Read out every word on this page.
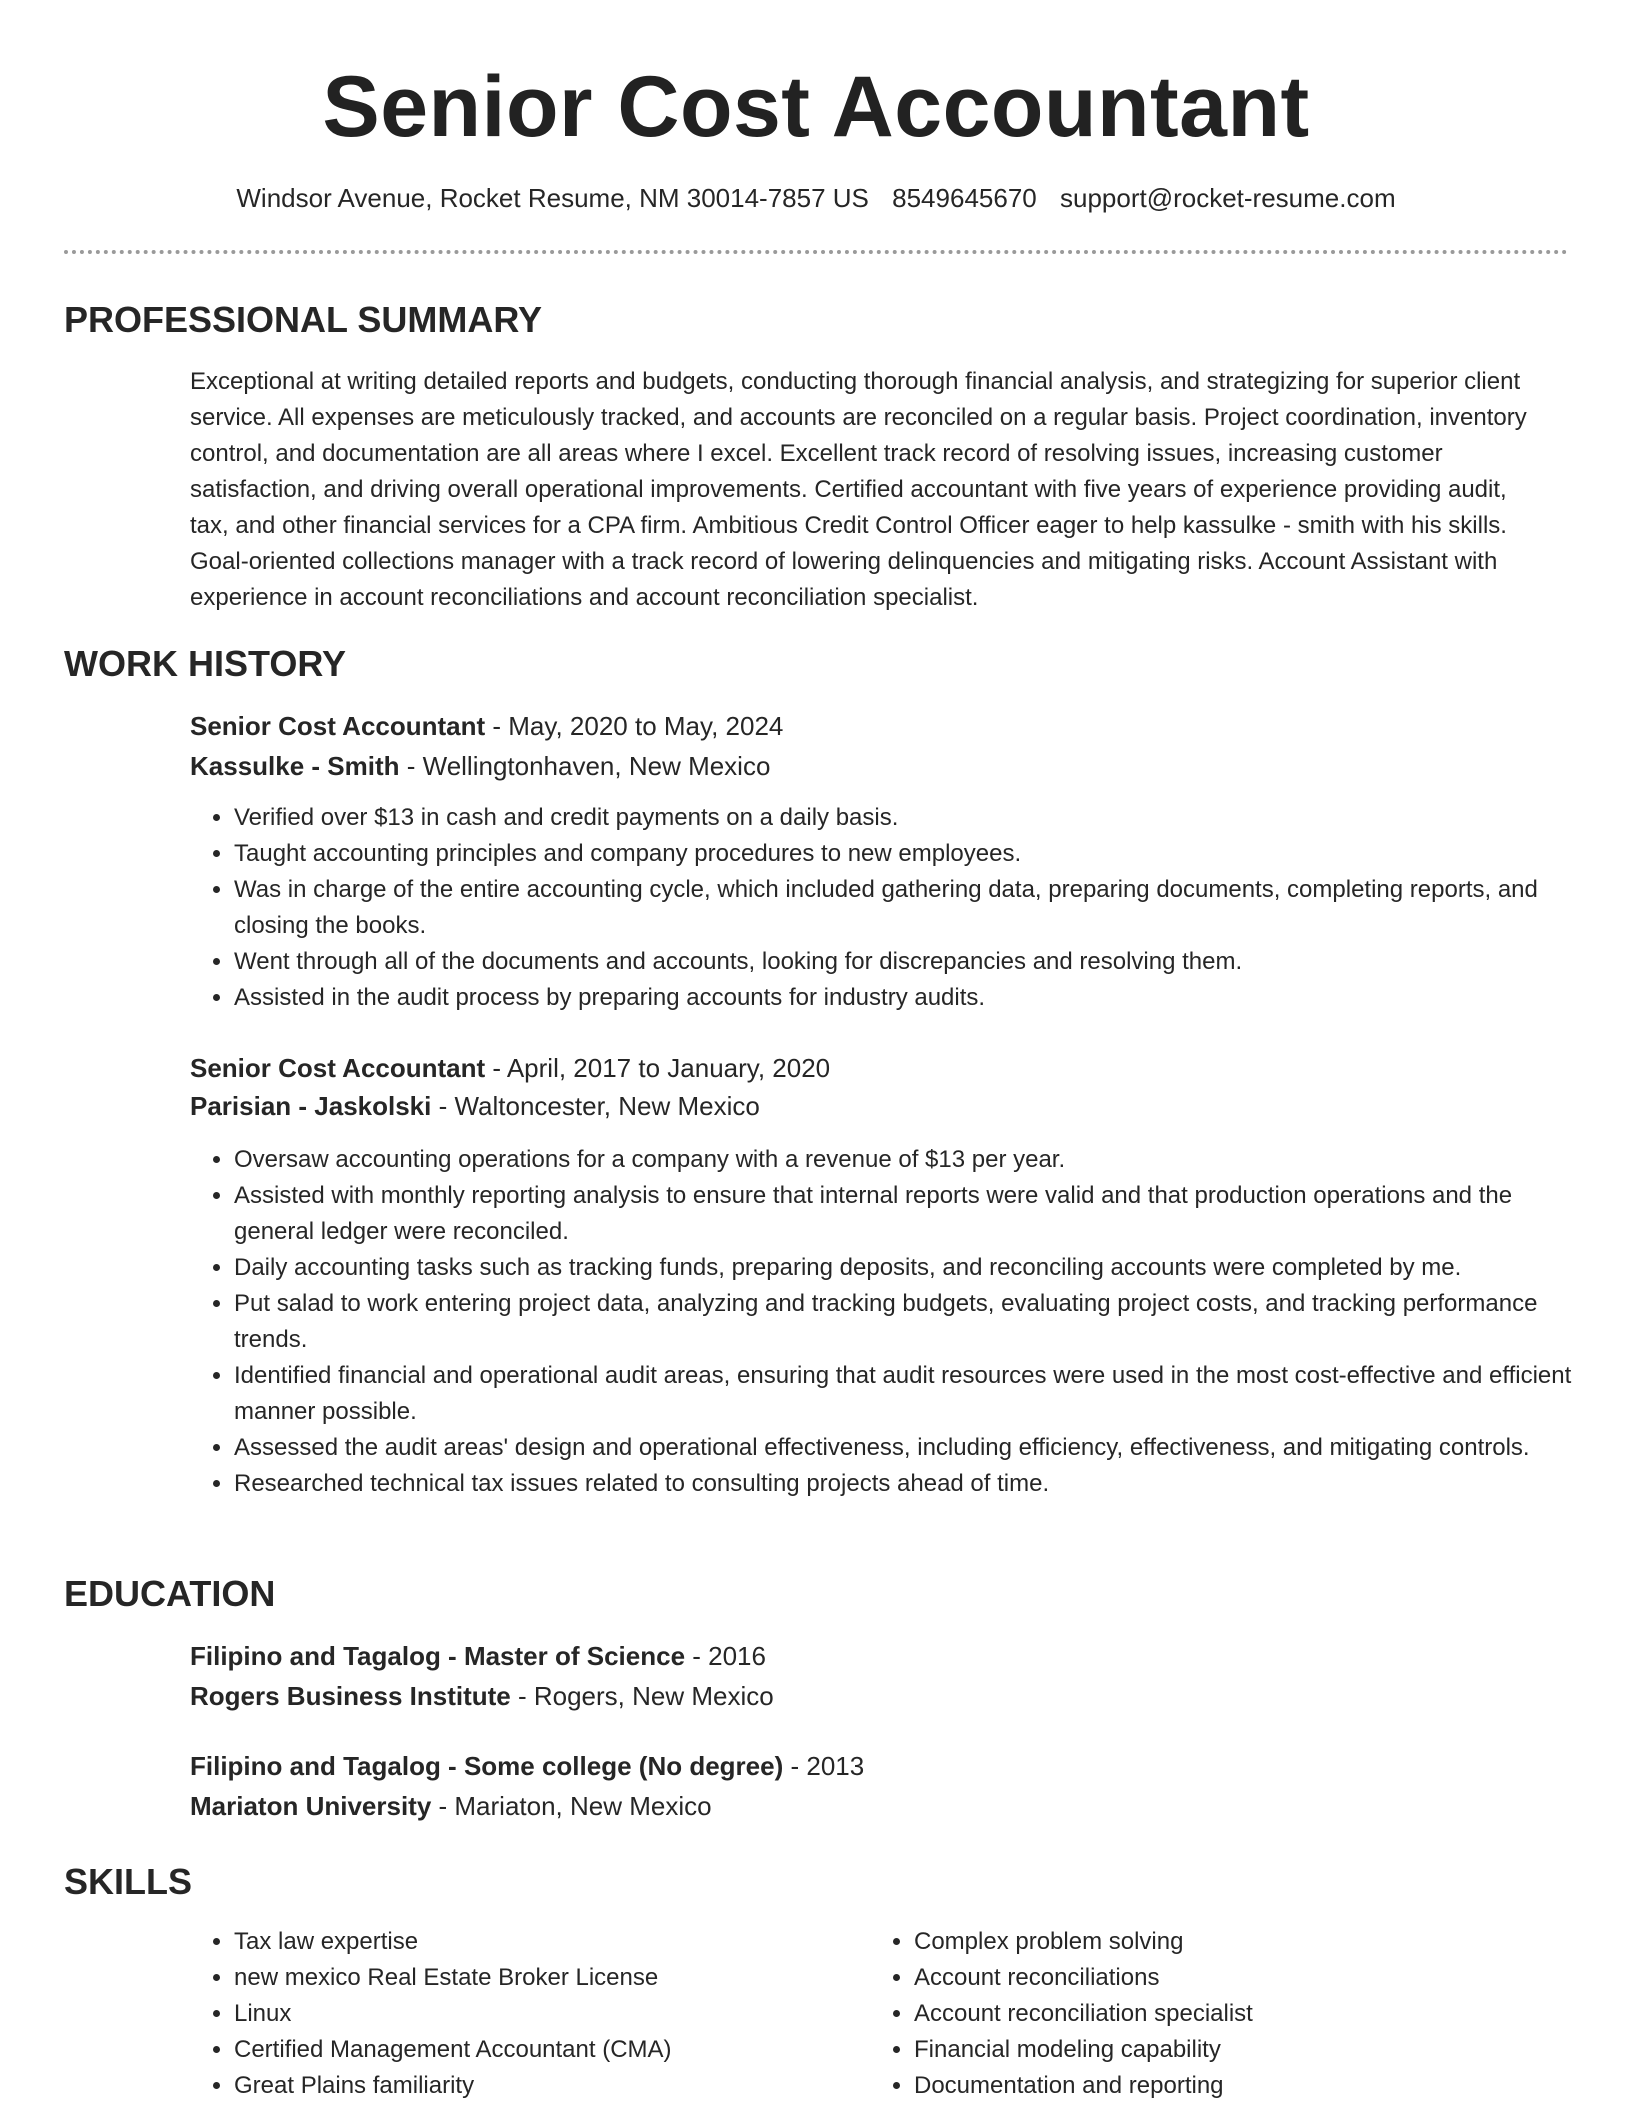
Senior Cost Accountant
Windsor Avenue, Rocket Resume, NM 30014-7857 US 8549645670 support@rocket-resume.com
PROFESSIONAL SUMMARY
Exceptional at writing detailed reports and budgets, conducting thorough financial analysis, and strategizing for superior client service. All expenses are meticulously tracked, and accounts are reconciled on a regular basis. Project coordination, inventory control, and documentation are all areas where I excel. Excellent track record of resolving issues, increasing customer satisfaction, and driving overall operational improvements. Certified accountant with five years of experience providing audit, tax, and other financial services for a CPA firm. Ambitious Credit Control Officer eager to help kassulke - smith with his skills. Goal-oriented collections manager with a track record of lowering delinquencies and mitigating risks. Account Assistant with experience in account reconciliations and account reconciliation specialist.
WORK HISTORY
Senior Cost Accountant - May, 2020 to May, 2024
Kassulke - Smith - Wellingtonhaven, New Mexico
• Verified over $13 in cash and credit payments on a daily basis.
• Taught accounting principles and company procedures to new employees.
• Was in charge of the entire accounting cycle, which included gathering data, preparing documents, completing reports, and closing the books.
• Went through all of the documents and accounts, looking for discrepancies and resolving them.
• Assisted in the audit process by preparing accounts for industry audits.
Senior Cost Accountant - April, 2017 to January, 2020
Parisian - Jaskolski - Waltoncester, New Mexico
• Oversaw accounting operations for a company with a revenue of $13 per year.
• Assisted with monthly reporting analysis to ensure that internal reports were valid and that production operations and the general ledger were reconciled.
• Daily accounting tasks such as tracking funds, preparing deposits, and reconciling accounts were completed by me.
• Put salad to work entering project data, analyzing and tracking budgets, evaluating project costs, and tracking performance trends.
• Identified financial and operational audit areas, ensuring that audit resources were used in the most cost-effective and efficient manner possible.
• Assessed the audit areas' design and operational effectiveness, including efficiency, effectiveness, and mitigating controls.
• Researched technical tax issues related to consulting projects ahead of time.
EDUCATION
Filipino and Tagalog - Master of Science - 2016
Rogers Business Institute - Rogers, New Mexico
Filipino and Tagalog - Some college (No degree) - 2013
Mariaton University - Mariaton, New Mexico
SKILLS
• Tax law expertise
• new mexico Real Estate Broker License
• Linux
• Certified Management Accountant (CMA)
• Great Plains familiarity
• Complex problem solving
• Account reconciliations
• Account reconciliation specialist
• Financial modeling capability
• Documentation and reporting
